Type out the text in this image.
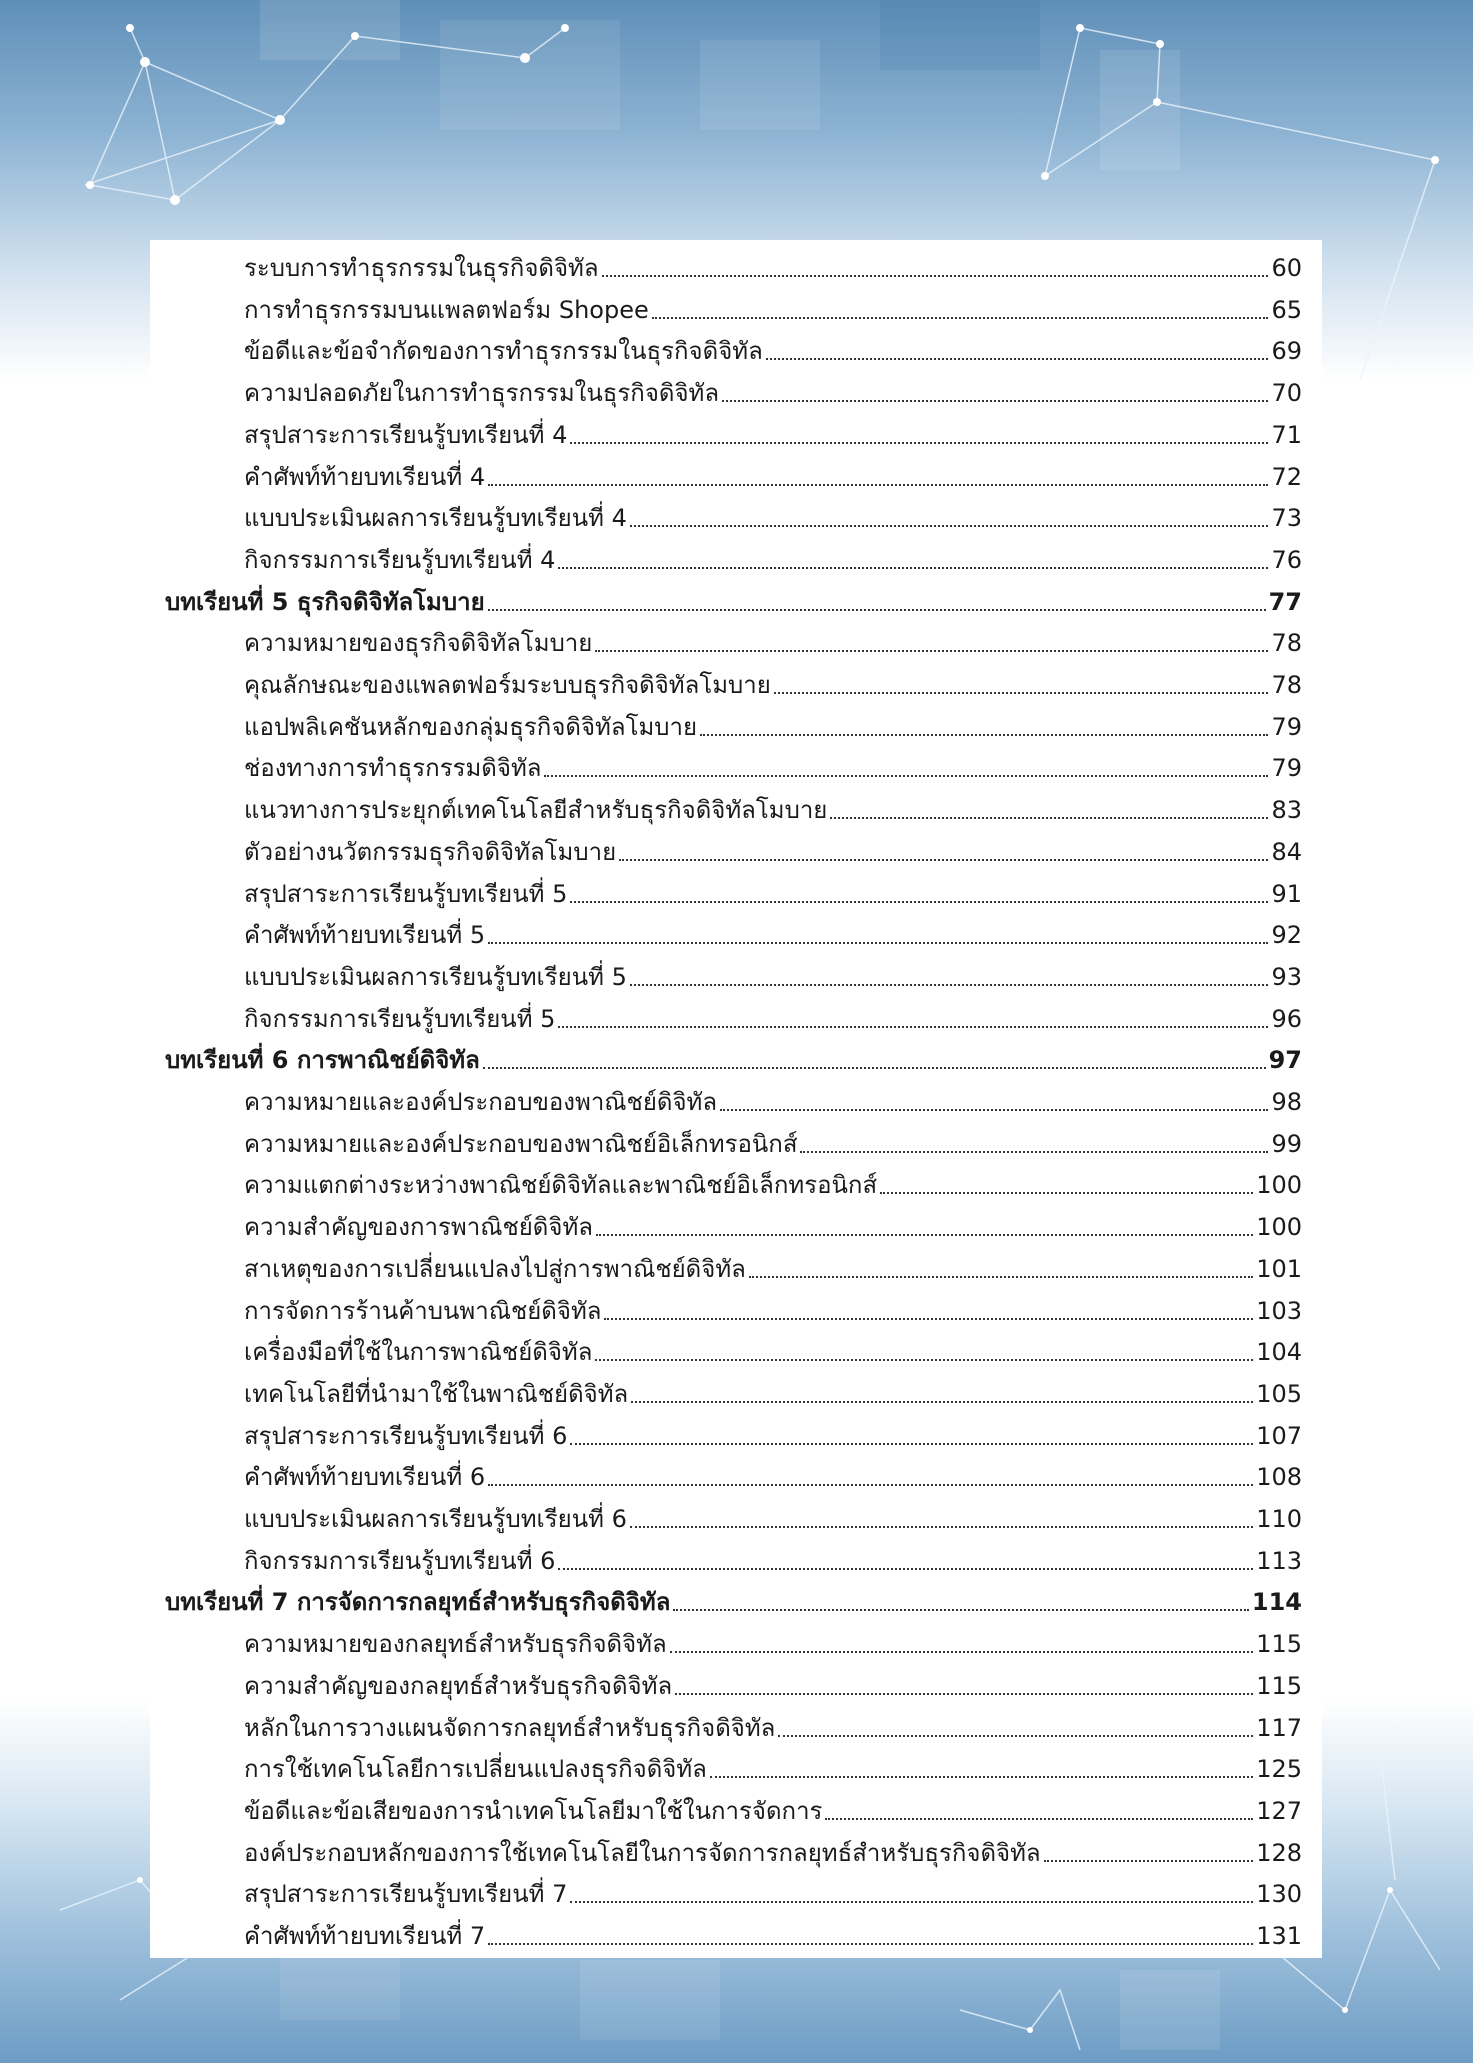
ระบบการทำธุรกรรมในธุรกิจดิจิทัล	60
การทำธุรกรรมบนแพลตฟอร์ม Shopee	65
ข้อดีและข้อจำกัดของการทำธุรกรรมในธุรกิจดิจิทัล	69
ความปลอดภัยในการทำธุรกรรมในธุรกิจดิจิทัล	70
สรุปสาระการเรียนรู้บทเรียนที่ 4	71
คำศัพท์ท้ายบทเรียนที่ 4	72
แบบประเมินผลการเรียนรู้บทเรียนที่ 4	73
กิจกรรมการเรียนรู้บทเรียนที่ 4	76
บทเรียนที่ 5 ธุรกิจดิจิทัลโมบาย	77
ความหมายของธุรกิจดิจิทัลโมบาย	78
คุณลักษณะของแพลตฟอร์มระบบธุรกิจดิจิทัลโมบาย	78
แอปพลิเคชันหลักของกลุ่มธุรกิจดิจิทัลโมบาย	79
ช่องทางการทำธุรกรรมดิจิทัล	79
แนวทางการประยุกต์เทคโนโลยีสำหรับธุรกิจดิจิทัลโมบาย	83
ตัวอย่างนวัตกรรมธุรกิจดิจิทัลโมบาย	84
สรุปสาระการเรียนรู้บทเรียนที่ 5	91
คำศัพท์ท้ายบทเรียนที่ 5	92
แบบประเมินผลการเรียนรู้บทเรียนที่ 5	93
กิจกรรมการเรียนรู้บทเรียนที่ 5	96
บทเรียนที่ 6 การพาณิชย์ดิจิทัล	97
ความหมายและองค์ประกอบของพาณิชย์ดิจิทัล	98
ความหมายและองค์ประกอบของพาณิชย์อิเล็กทรอนิกส์	99
ความแตกต่างระหว่างพาณิชย์ดิจิทัลและพาณิชย์อิเล็กทรอนิกส์	100
ความสำคัญของการพาณิชย์ดิจิทัล	100
สาเหตุของการเปลี่ยนแปลงไปสู่การพาณิชย์ดิจิทัล	101
การจัดการร้านค้าบนพาณิชย์ดิจิทัล	103
เครื่องมือที่ใช้ในการพาณิชย์ดิจิทัล	104
เทคโนโลยีที่นำมาใช้ในพาณิชย์ดิจิทัล	105
สรุปสาระการเรียนรู้บทเรียนที่ 6	107
คำศัพท์ท้ายบทเรียนที่ 6	108
แบบประเมินผลการเรียนรู้บทเรียนที่ 6	110
กิจกรรมการเรียนรู้บทเรียนที่ 6	113
บทเรียนที่ 7 การจัดการกลยุทธ์สำหรับธุรกิจดิจิทัล	114
ความหมายของกลยุทธ์สำหรับธุรกิจดิจิทัล	115
ความสำคัญของกลยุทธ์สำหรับธุรกิจดิจิทัล	115
หลักในการวางแผนจัดการกลยุทธ์สำหรับธุรกิจดิจิทัล	117
การใช้เทคโนโลยีการเปลี่ยนแปลงธุรกิจดิจิทัล	125
ข้อดีและข้อเสียของการนำเทคโนโลยีมาใช้ในการจัดการ	127
องค์ประกอบหลักของการใช้เทคโนโลยีในการจัดการกลยุทธ์สำหรับธุรกิจดิจิทัล	128
สรุปสาระการเรียนรู้บทเรียนที่ 7	130
คำศัพท์ท้ายบทเรียนที่ 7	131
